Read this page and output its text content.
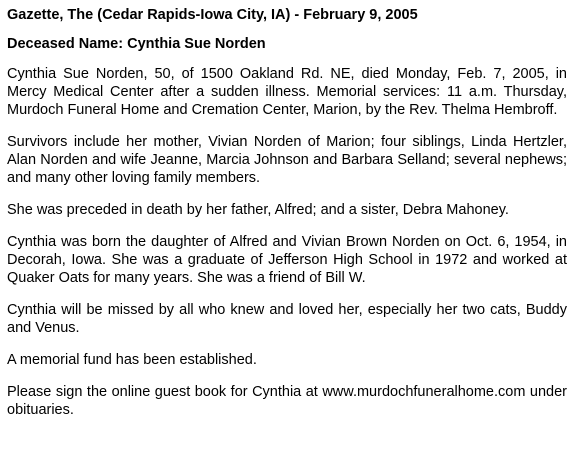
Gazette, The (Cedar Rapids-Iowa City, IA) - February 9, 2005

Deceased Name: Cynthia Sue Norden

Cynthia Sue Norden, 50, of 1500 Oakland Rd. NE, died Monday, Feb. 7, 2005, in Mercy Medical Center after a sudden illness. Memorial services: 11 a.m. Thursday, Murdoch Funeral Home and Cremation Center, Marion, by the Rev. Thelma Hembroff.

Survivors include her mother, Vivian Norden of Marion; four siblings, Linda Hertzler, Alan Norden and wife Jeanne, Marcia Johnson and Barbara Selland; several nephews; and many other loving family members.

She was preceded in death by her father, Alfred; and a sister, Debra Mahoney.

Cynthia was born the daughter of Alfred and Vivian Brown Norden on Oct. 6, 1954, in Decorah, Iowa. She was a graduate of Jefferson High School in 1972 and worked at Quaker Oats for many years. She was a friend of Bill W.

Cynthia will be missed by all who knew and loved her, especially her two cats, Buddy and Venus.

A memorial fund has been established.

Please sign the online guest book for Cynthia at www.murdochfuneralhome.com under obituaries.
